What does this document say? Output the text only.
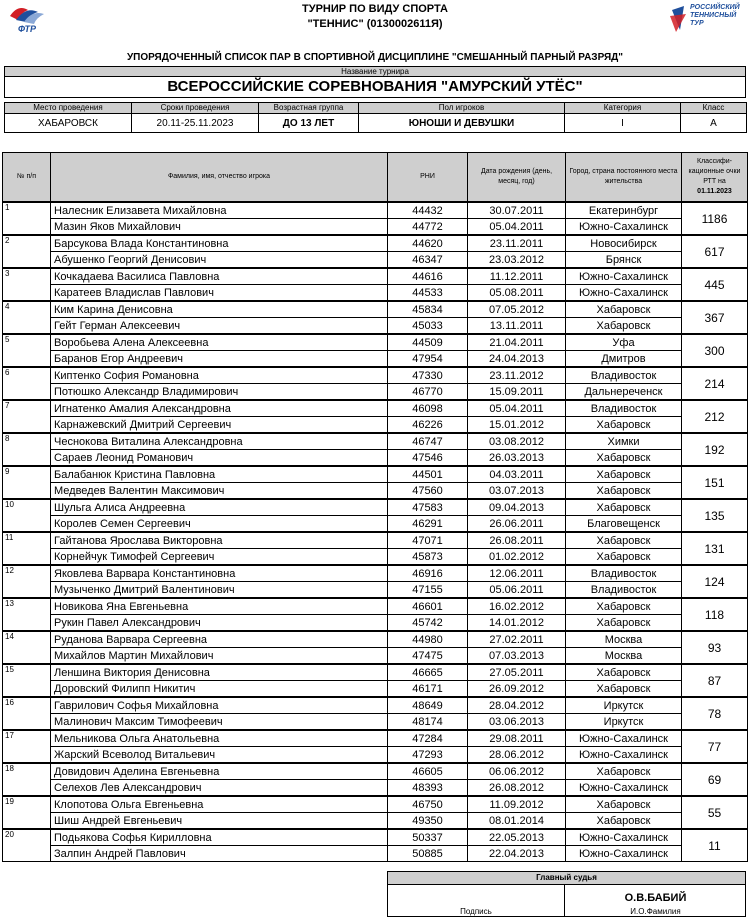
ФТР
РОССИЙСКИЙ
ТЕННИСНЫЙ
ТУР
ТУРНИР ПО ВИДУ СПОРТА
"ТЕННИС" (0130002611Я)
УПОРЯДОЧЕННЫЙ СПИСОК ПАР В СПОРТИВНОЙ ДИСЦИПЛИНЕ "СМЕШАННЫЙ ПАРНЫЙ РАЗРЯД"
Название турнира
ВСЕРОССИЙСКИЕ СОРЕВНОВАНИЯ "АМУРСКИЙ УТЁС"
Место проведения	Сроки проведения	Возрастная группа	Пол игроков	Категория	Класс
ХАБАРОВСК	20.11-25.11.2023	ДО 13 ЛЕТ	ЮНОШИ И ДЕВУШКИ	I	А
№ п/п	Фамилия, имя, отчество игрока	РНИ	Дата рождения (день, месяц, год)	Город, страна постоянного места жительства	Классифи-кационные очки РТТ на
01.11.2023
1	Налесник Елизавета Михайловна	44432	30.07.2011	Екатеринбург	1186
	Мазин Яков Михайлович	44772	05.04.2011	Южно-Сахалинск	
2	Барсукова Влада Константиновна	44620	23.11.2011	Новосибирск	617
	Абушенко Георгий Денисович	46347	23.03.2012	Брянск	
3	Кочкадаева Василиса Павловна	44616	11.12.2011	Южно-Сахалинск	445
	Каратеев Владислав Павлович	44533	05.08.2011	Южно-Сахалинск	
4	Ким Карина Денисовна	45834	07.05.2012	Хабаровск	367
	Гейт Герман Алексеевич	45033	13.11.2011	Хабаровск	
5	Воробьева Алена Алексеевна	44509	21.04.2011	Уфа	300
	Баранов Егор Андреевич	47954	24.04.2013	Дмитров	
6	Киптенко София Романовна	47330	23.11.2012	Владивосток	214
	Потюшко Александр Владимирович	46770	15.09.2011	Дальнереченск	
7	Игнатенко Амалия Александровна	46098	05.04.2011	Владивосток	212
	Карнажевский Дмитрий Сергеевич	46226	15.01.2012	Хабаровск	
8	Чеснокова Виталина Александровна	46747	03.08.2012	Химки	192
	Сараев Леонид Романович	47546	26.03.2013	Хабаровск	
9	Балабанюк Кристина Павловна	44501	04.03.2011	Хабаровск	151
	Медведев Валентин Максимович	47560	03.07.2013	Хабаровск	
10	Шульга Алиса Андреевна	47583	09.04.2013	Хабаровск	135
	Королев Семен Сергеевич	46291	26.06.2011	Благовещенск	
11	Гайтанова Ярослава Викторовна	47071	26.08.2011	Хабаровск	131
	Корнейчук Тимофей Сергеевич	45873	01.02.2012	Хабаровск	
12	Яковлева Варвара Константиновна	46916	12.06.2011	Владивосток	124
	Музыченко Дмитрий Валентинович	47155	05.06.2011	Владивосток	
13	Новикова Яна Евгеньевна	46601	16.02.2012	Хабаровск	118
	Рукин Павел Александрович	45742	14.01.2012	Хабаровск	
14	Руданова Варвара Сергеевна	44980	27.02.2011	Москва	93
	Михайлов Мартин Михайлович	47475	07.03.2013	Москва	
15	Леншина Виктория Денисовна	46665	27.05.2011	Хабаровск	87
	Доровский Филипп Никитич	46171	26.09.2012	Хабаровск	
16	Гаврилович Софья Михайловна	48649	28.04.2012	Иркутск	78
	Малинович Максим Тимофеевич	48174	03.06.2013	Иркутск	
17	Мельникова Ольга Анатольевна	47284	29.08.2011	Южно-Сахалинск	77
	Жарский Всеволод Витальевич	47293	28.06.2012	Южно-Сахалинск	
18	Довидович Аделина Евгеньевна	46605	06.06.2012	Хабаровск	69
	Селехов Лев Александрович	48393	26.08.2012	Южно-Сахалинск	
19	Клопотова Ольга Евгеньевна	46750	11.09.2012	Хабаровск	55
	Шиш Андрей Евгеньевич	49350	08.01.2014	Хабаровск	
20	Подьякова Софья Кирилловна	50337	22.05.2013	Южно-Сахалинск	11
	Залпин Андрей Павлович	50885	22.04.2013	Южно-Сахалинск	
Главный судья
О.В.БАБИЙ
Подпись	И.О.Фамилия
